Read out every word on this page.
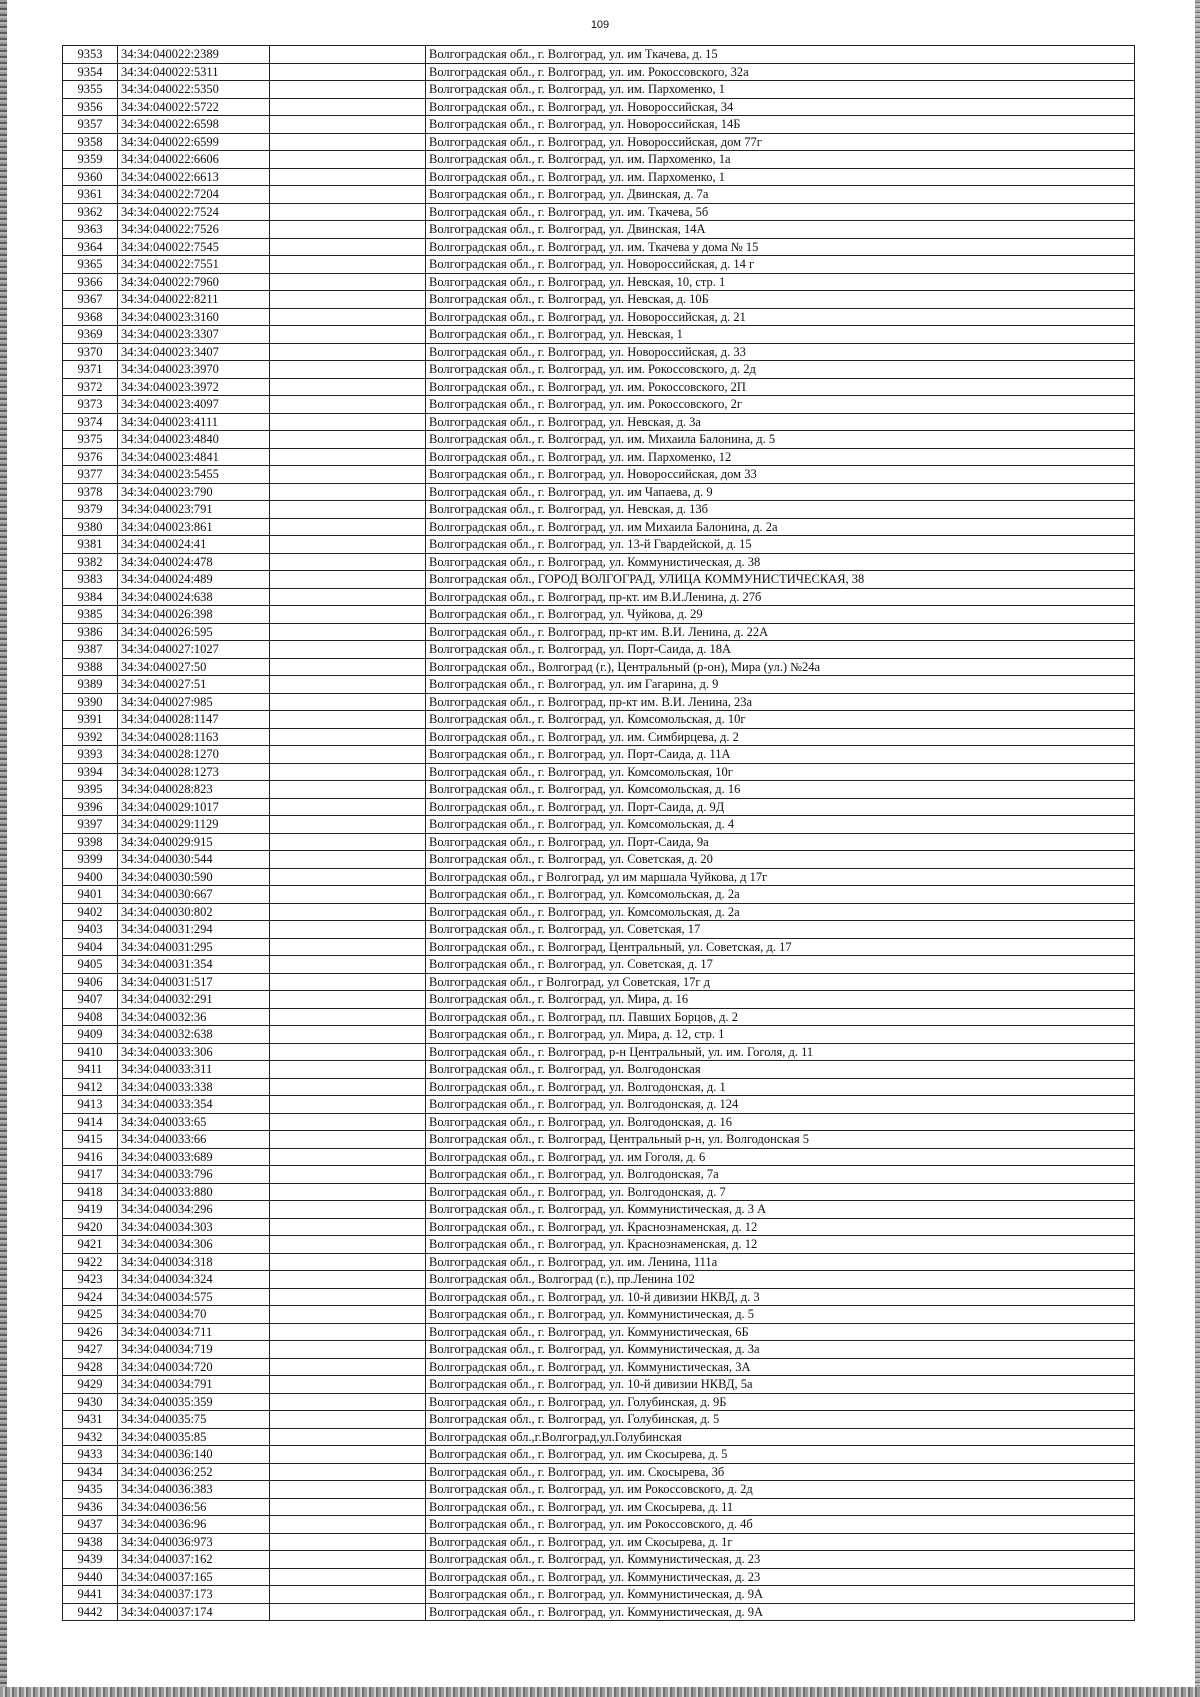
109
9353	34:34:040022:2389		Волгоградская обл., г. Волгоград, ул. им Ткачева, д. 15
9354	34:34:040022:5311		Волгоградская обл., г. Волгоград, ул. им. Рокоссовского, 32а
9355	34:34:040022:5350		Волгоградская обл., г. Волгоград, ул. им. Пархоменко, 1
9356	34:34:040022:5722		Волгоградская обл., г. Волгоград, ул. Новороссийская, 34
9357	34:34:040022:6598		Волгоградская обл., г. Волгоград, ул. Новороссийская, 14Б
9358	34:34:040022:6599		Волгоградская обл., г. Волгоград, ул. Новороссийская, дом 77г
9359	34:34:040022:6606		Волгоградская обл., г. Волгоград, ул. им. Пархоменко, 1а
9360	34:34:040022:6613		Волгоградская обл., г. Волгоград, ул. им. Пархоменко, 1
9361	34:34:040022:7204		Волгоградская обл., г. Волгоград, ул. Двинская, д. 7а
9362	34:34:040022:7524		Волгоградская обл., г. Волгоград, ул. им. Ткачева, 5б
9363	34:34:040022:7526		Волгоградская обл., г. Волгоград, ул. Двинская, 14А
9364	34:34:040022:7545		Волгоградская обл., г. Волгоград, ул. им. Ткачева у дома № 15
9365	34:34:040022:7551		Волгоградская обл., г. Волгоград, ул. Новороссийская, д. 14 г
9366	34:34:040022:7960		Волгоградская обл., г. Волгоград, ул. Невская, 10, стр. 1
9367	34:34:040022:8211		Волгоградская обл., г. Волгоград, ул. Невская, д. 10Б
9368	34:34:040023:3160		Волгоградская обл., г. Волгоград, ул. Новороссийская, д. 21
9369	34:34:040023:3307		Волгоградская обл., г. Волгоград, ул. Невская, 1
9370	34:34:040023:3407		Волгоградская обл., г. Волгоград, ул. Новороссийская, д. 33
9371	34:34:040023:3970		Волгоградская обл., г. Волгоград, ул. им. Рокоссовского, д. 2д
9372	34:34:040023:3972		Волгоградская обл., г. Волгоград, ул. им. Рокоссовского, 2П
9373	34:34:040023:4097		Волгоградская обл., г. Волгоград, ул. им. Рокоссовского, 2г
9374	34:34:040023:4111		Волгоградская обл., г. Волгоград, ул. Невская, д. 3а
9375	34:34:040023:4840		Волгоградская обл., г. Волгоград, ул. им. Михаила Балонина, д. 5
9376	34:34:040023:4841		Волгоградская обл., г. Волгоград, ул. им. Пархоменко, 12
9377	34:34:040023:5455		Волгоградская обл., г. Волгоград, ул. Новороссийская, дом 33
9378	34:34:040023:790		Волгоградская обл., г. Волгоград, ул. им Чапаева, д. 9
9379	34:34:040023:791		Волгоградская обл., г. Волгоград, ул. Невская, д. 13б
9380	34:34:040023:861		Волгоградская обл., г. Волгоград, ул. им Михаила Балонина, д. 2а
9381	34:34:040024:41		Волгоградская обл., г. Волгоград, ул. 13-й Гвардейской, д. 15
9382	34:34:040024:478		Волгоградская обл., г. Волгоград, ул. Коммунистическая, д. 38
9383	34:34:040024:489		Волгоградская обл., ГОРОД ВОЛГОГРАД, УЛИЦА КОММУНИСТИЧЕСКАЯ, 38
9384	34:34:040024:638		Волгоградская обл., г. Волгоград, пр-кт. им В.И.Ленина, д. 27б
9385	34:34:040026:398		Волгоградская обл., г. Волгоград, ул. Чуйкова, д. 29
9386	34:34:040026:595		Волгоградская обл., г. Волгоград, пр-кт им. В.И. Ленина, д. 22А
9387	34:34:040027:1027		Волгоградская обл., г. Волгоград, ул. Порт-Саида, д. 18А
9388	34:34:040027:50		Волгоградская обл., Волгоград (г.), Центральный (р-он), Мира (ул.) №24а
9389	34:34:040027:51		Волгоградская обл., г. Волгоград, ул. им Гагарина, д. 9
9390	34:34:040027:985		Волгоградская обл., г. Волгоград, пр-кт им. В.И. Ленина, 23а
9391	34:34:040028:1147		Волгоградская обл., г. Волгоград, ул. Комсомольская, д. 10г
9392	34:34:040028:1163		Волгоградская обл., г. Волгоград, ул. им. Симбирцева, д. 2
9393	34:34:040028:1270		Волгоградская обл., г. Волгоград, ул. Порт-Саида, д. 11А
9394	34:34:040028:1273		Волгоградская обл., г. Волгоград, ул. Комсомольская, 10г
9395	34:34:040028:823		Волгоградская обл., г. Волгоград, ул. Комсомольская, д. 16
9396	34:34:040029:1017		Волгоградская обл., г. Волгоград, ул. Порт-Саида, д. 9Д
9397	34:34:040029:1129		Волгоградская обл., г. Волгоград, ул. Комсомольская, д. 4
9398	34:34:040029:915		Волгоградская обл., г. Волгоград, ул. Порт-Саида, 9а
9399	34:34:040030:544		Волгоградская обл., г. Волгоград, ул. Советская, д. 20
9400	34:34:040030:590		Волгоградская обл., г Волгоград, ул им маршала Чуйкова, д 17г
9401	34:34:040030:667		Волгоградская обл., г. Волгоград, ул. Комсомольская, д. 2а
9402	34:34:040030:802		Волгоградская обл., г. Волгоград, ул. Комсомольская, д. 2а
9403	34:34:040031:294		Волгоградская обл., г. Волгоград, ул. Советская, 17
9404	34:34:040031:295		Волгоградская обл., г. Волгоград, Центральный, ул. Советская, д. 17
9405	34:34:040031:354		Волгоградская обл., г. Волгоград, ул. Советская, д. 17
9406	34:34:040031:517		Волгоградская обл., г Волгоград, ул Советская, 17г д
9407	34:34:040032:291		Волгоградская обл., г. Волгоград, ул. Мира, д. 16
9408	34:34:040032:36		Волгоградская обл., г. Волгоград, пл. Павших Борцов, д. 2
9409	34:34:040032:638		Волгоградская обл., г. Волгоград, ул. Мира, д. 12, стр. 1
9410	34:34:040033:306		Волгоградская обл., г. Волгоград, р-н Центральный, ул. им. Гоголя, д. 11
9411	34:34:040033:311		Волгоградская обл., г. Волгоград, ул. Волгодонская
9412	34:34:040033:338		Волгоградская обл., г. Волгоград, ул. Волгодонская, д. 1
9413	34:34:040033:354		Волгоградская обл., г. Волгоград, ул. Волгодонская, д. 124
9414	34:34:040033:65		Волгоградская обл., г. Волгоград, ул. Волгодонская, д. 16
9415	34:34:040033:66		Волгоградская обл., г. Волгоград, Центральный р-н, ул. Волгодонская 5
9416	34:34:040033:689		Волгоградская обл., г. Волгоград, ул. им Гоголя, д. 6
9417	34:34:040033:796		Волгоградская обл., г. Волгоград, ул. Волгодонская, 7а
9418	34:34:040033:880		Волгоградская обл., г. Волгоград, ул. Волгодонская, д. 7
9419	34:34:040034:296		Волгоградская обл., г. Волгоград, ул. Коммунистическая, д. 3 А
9420	34:34:040034:303		Волгоградская обл., г. Волгоград, ул. Краснознаменская, д. 12
9421	34:34:040034:306		Волгоградская обл., г. Волгоград, ул. Краснознаменская, д. 12
9422	34:34:040034:318		Волгоградская обл., г. Волгоград, ул. им. Ленина, 111а
9423	34:34:040034:324		Волгоградская обл., Волгоград (г.), пр.Ленина 102
9424	34:34:040034:575		Волгоградская обл., г. Волгоград, ул. 10-й дивизии НКВД, д. 3
9425	34:34:040034:70		Волгоградская обл., г. Волгоград, ул. Коммунистическая, д. 5
9426	34:34:040034:711		Волгоградская обл., г. Волгоград, ул. Коммунистическая, 6Б
9427	34:34:040034:719		Волгоградская обл., г. Волгоград, ул. Коммунистическая, д. 3а
9428	34:34:040034:720		Волгоградская обл., г. Волгоград, ул. Коммунистическая, 3А
9429	34:34:040034:791		Волгоградская обл., г. Волгоград, ул. 10-й дивизии НКВД, 5а
9430	34:34:040035:359		Волгоградская обл., г. Волгоград, ул. Голубинская, д. 9Б
9431	34:34:040035:75		Волгоградская обл., г. Волгоград, ул. Голубинская, д. 5
9432	34:34:040035:85		Волгоградская обл.,г.Волгоград,ул.Голубинская
9433	34:34:040036:140		Волгоградская обл., г. Волгоград, ул. им Скосырева, д. 5
9434	34:34:040036:252		Волгоградская обл., г. Волгоград, ул. им. Скосырева, 3б
9435	34:34:040036:383		Волгоградская обл., г. Волгоград, ул. им Рокоссовского, д. 2д
9436	34:34:040036:56		Волгоградская обл., г. Волгоград, ул. им Скосырева, д. 11
9437	34:34:040036:96		Волгоградская обл., г. Волгоград, ул. им Рокоссовского, д. 4б
9438	34:34:040036:973		Волгоградская обл., г. Волгоград, ул. им Скосырева, д. 1г
9439	34:34:040037:162		Волгоградская обл., г. Волгоград, ул. Коммунистическая, д. 23
9440	34:34:040037:165		Волгоградская обл., г. Волгоград, ул. Коммунистическая, д. 23
9441	34:34:040037:173		Волгоградская обл., г. Волгоград, ул. Коммунистическая, д. 9А
9442	34:34:040037:174		Волгоградская обл., г. Волгоград, ул. Коммунистическая, д. 9А
